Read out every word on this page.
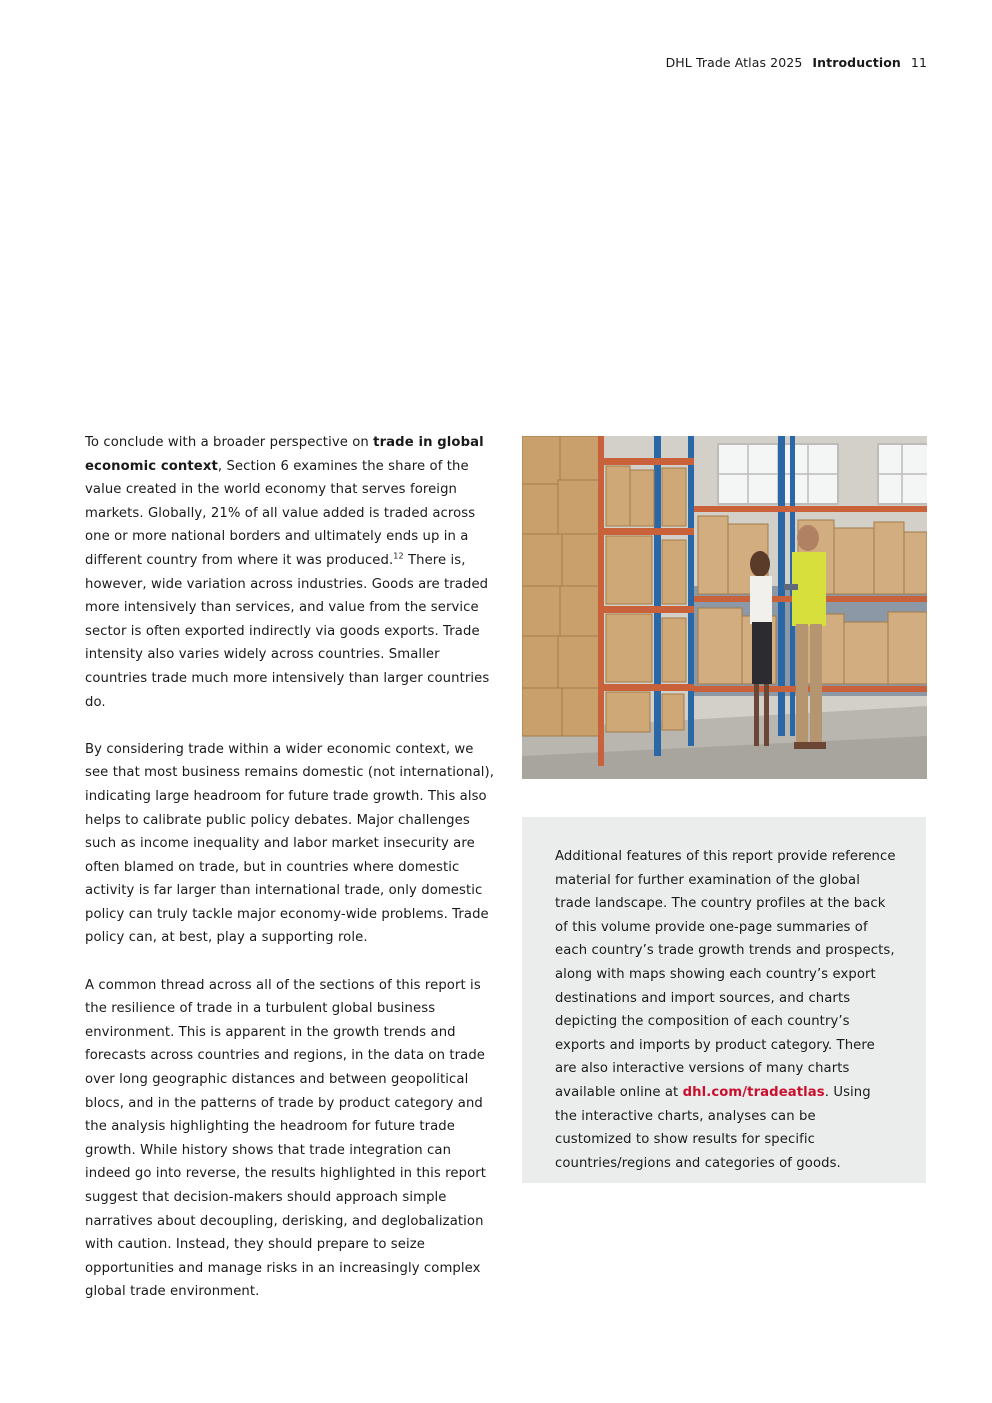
DHL Trade Atlas 2025 Introduction 11

To conclude with a broader perspective on trade in global economic context, Section 6 examines the share of the value created in the world economy that serves foreign markets. Globally, 21% of all value added is traded across one or more national borders and ultimately ends up in a different country from where it was produced.$^{12}$ There is, however, wide variation across industries. Goods are traded more intensively than services, and value from the service sector is often exported indirectly via goods exports. Trade intensity also varies widely across countries. Smaller countries trade much more intensively than larger countries do.

By considering trade within a wider economic context, we see that most business remains domestic (not international), indicating large headroom for future trade growth. This also helps to calibrate public policy debates. Major challenges such as income inequality and labor market insecurity are often blamed on trade, but in countries where domestic activity is far larger than international trade, only domestic policy can truly tackle major economy-wide problems. Trade policy can, at best, play a supporting role.

A common thread across all of the sections of this report is the resilience of trade in a turbulent global business environment. This is apparent in the growth trends and forecasts across countries and regions, in the data on trade over long geographic distances and between geopolitical blocs, and in the patterns of trade by product category and the analysis highlighting the headroom for future trade growth. While history shows that trade integration can indeed go into reverse, the results highlighted in this report suggest that decision-makers should approach simple narratives about decoupling, derisking, and deglobalization with caution. Instead, they should prepare to seize opportunities and manage risks in an increasingly complex global trade environment.

Additional features of this report provide reference material for further examination of the global trade landscape. The country profiles at the back of this volume provide one-page summaries of each country’s trade growth trends and prospects, along with maps showing each country’s export destinations and import sources, and charts depicting the composition of each country’s exports and imports by product category. There are also interactive versions of many charts available online at dhl.com/tradeatlas. Using the interactive charts, analyses can be customized to show results for specific countries/regions and categories of goods.
